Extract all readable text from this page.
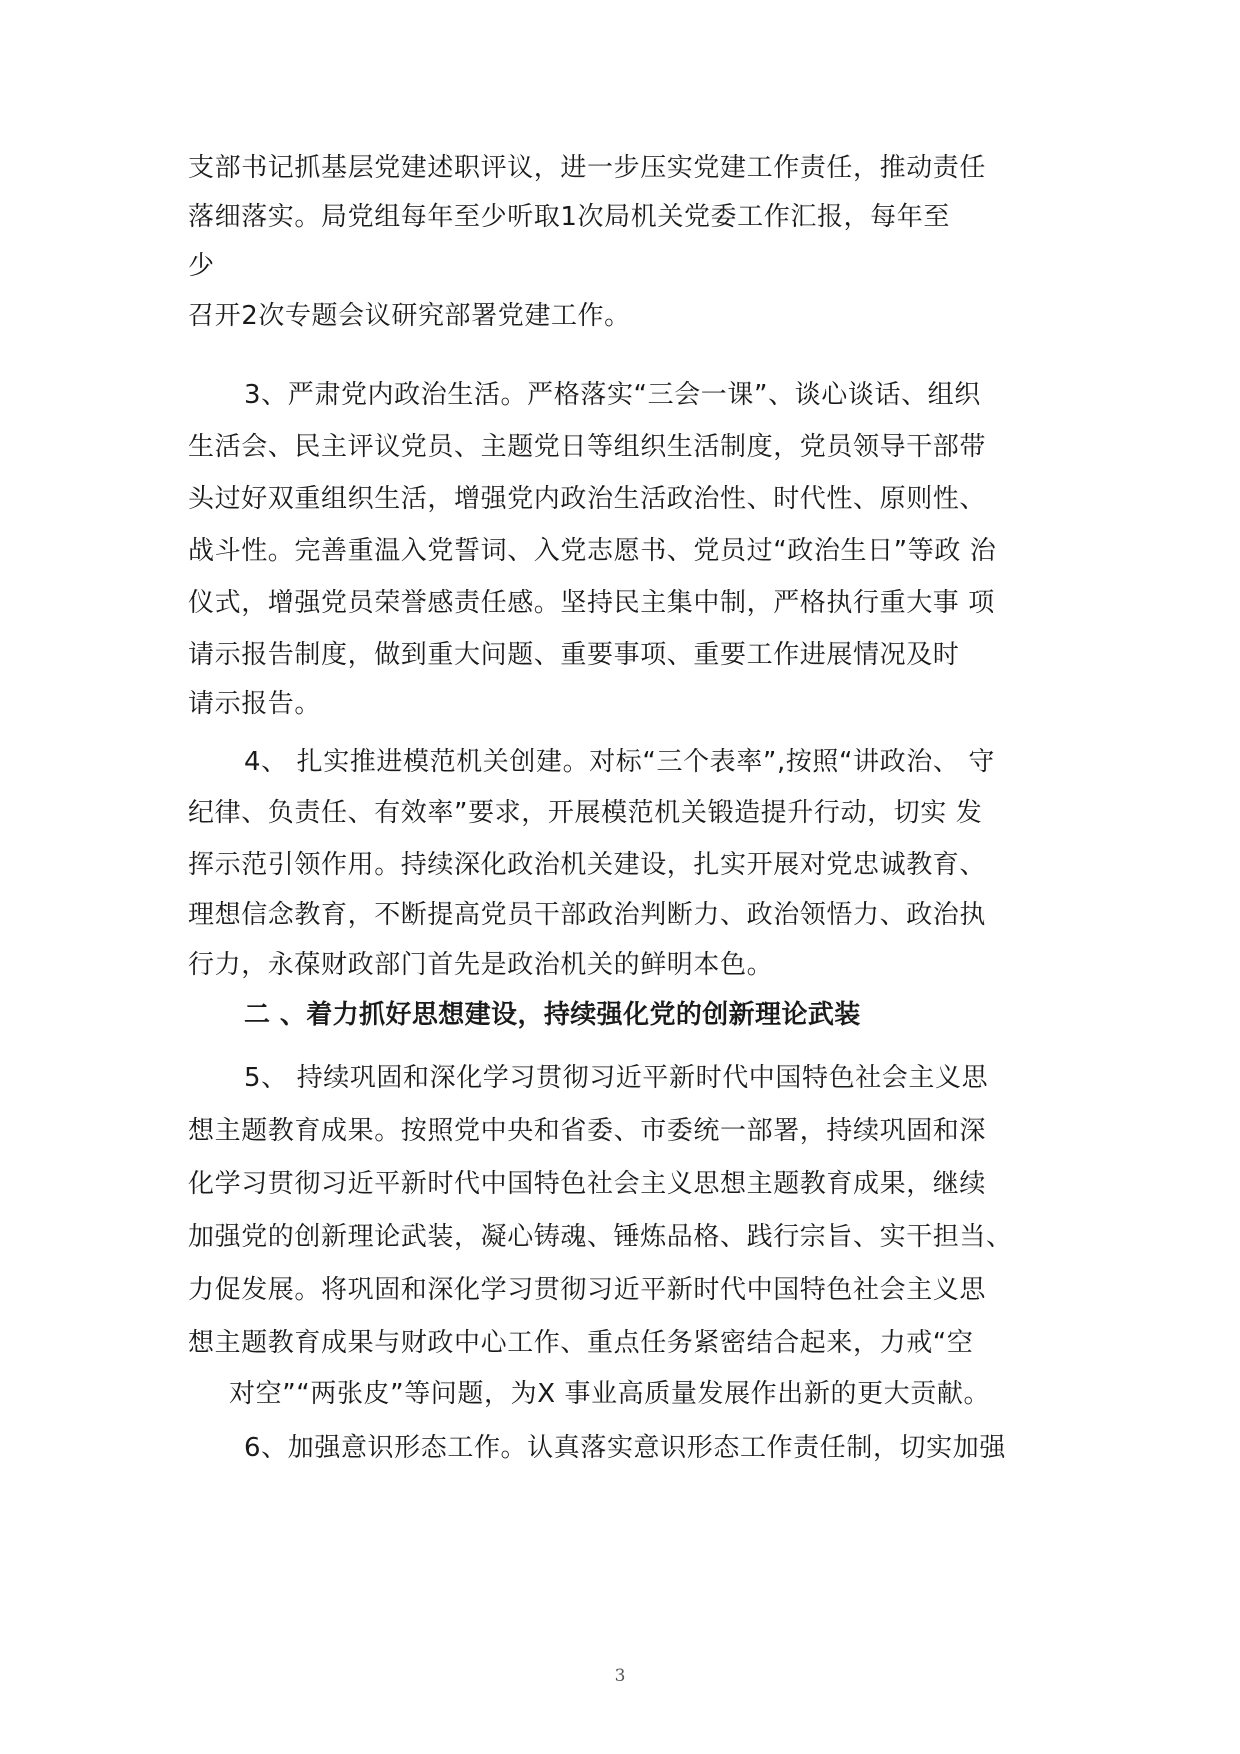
支部书记抓基层党建述职评议，进一步压实党建工作责任，推动责任
落细落实。局党组每年至少听取1次局机关党委工作汇报，每年至
少
召开2次专题会议研究部署党建工作。
3、严肃党内政治生活。严格落实“三会一课”、谈心谈话、组织
生活会、民主评议党员、主题党日等组织生活制度，党员领导干部带
头过好双重组织生活，增强党内政治生活政治性、时代性、原则性、
战斗性。完善重温入党誓词、入党志愿书、党员过“政治生日”等政 治
仪式，增强党员荣誉感责任感。坚持民主集中制，严格执行重大事 项
请示报告制度，做到重大问题、重要事项、重要工作进展情况及时
请示报告。
4、 扎实推进模范机关创建。对标“三个表率”,按照“讲政治、 守
纪律、负责任、有效率”要求，开展模范机关锻造提升行动，切实 发
挥示范引领作用。持续深化政治机关建设，扎实开展对党忠诚教育、
理想信念教育，不断提高党员干部政治判断力、政治领悟力、政治执
行力，永葆财政部门首先是政治机关的鲜明本色。
二 、着力抓好思想建设，持续强化党的创新理论武装
5、 持续巩固和深化学习贯彻习近平新时代中国特色社会主义思
想主题教育成果。按照党中央和省委、市委统一部署，持续巩固和深
化学习贯彻习近平新时代中国特色社会主义思想主题教育成果，继续
加强党的创新理论武装，凝心铸魂、锤炼品格、践行宗旨、实干担当、
力促发展。将巩固和深化学习贯彻习近平新时代中国特色社会主义思
想主题教育成果与财政中心工作、重点任务紧密结合起来，力戒“空
对空”“两张皮”等问题，为X 事业高质量发展作出新的更大贡献。
6、加强意识形态工作。认真落实意识形态工作责任制，切实加强
3
